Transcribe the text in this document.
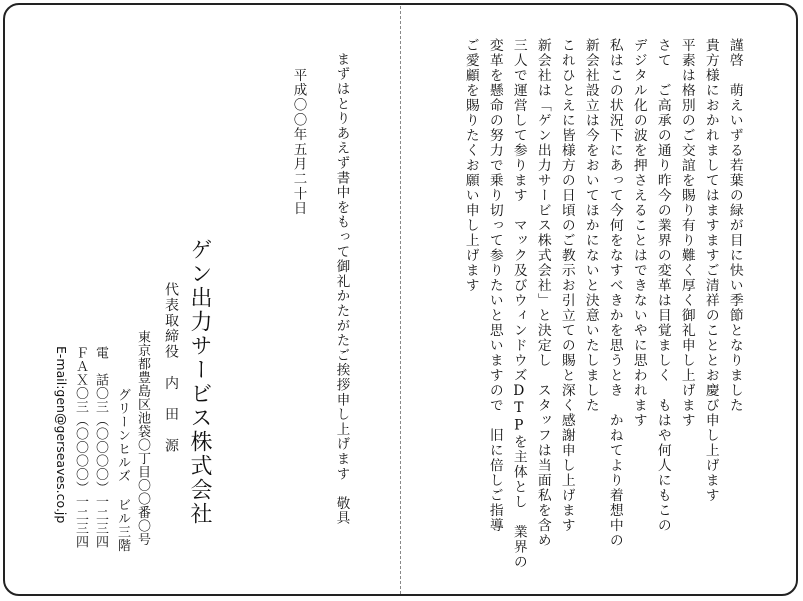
謹啓　萌えいずる若葉の緑が目に快い季節となりました
貴方様におかれましてはますますご清祥のこととお慶び申し上げます
平素は格別のご交誼を賜り有り難く厚く御礼申し上げます
さて　ご高承の通り昨今の業界の変革は目覚ましく　もはや何人にもこの
デジタル化の波を押さえることはできないやに思われます
私はこの状況下にあって今何をなすべきかを思うとき　かねてより着想中の
新会社設立は今をおいてほかにないと決意いたしました
これひとえに皆様方の日頃のご教示お引立ての賜と深く感謝申し上げます
新会社は「ゲン出力サービス株式会社」と決定し　スタッフは当面私を含め
三人で運営して参ります　マック及びウィンドウズDTPを主体とし　業界の
変革を懸命の努力で乗り切って参りたいと思いますので　旧に倍しご指導
ご愛顧を賜りたくお願い申し上げます
まずはとりあえず書中をもって御礼かたがたご挨拶申し上げます　敬具
平成〇〇年五月二十日
ゲン出力サービス株式会社
代表取締役　内　田　源
東京都豊島区池袋〇丁目〇〇番〇号
グリーンヒルズ ビル三階
電　話〇三（〇〇〇〇）一二三四
ＦＡＸ〇三（〇〇〇〇）一二三四
E-mail:gen@gerseaves.co.jp
